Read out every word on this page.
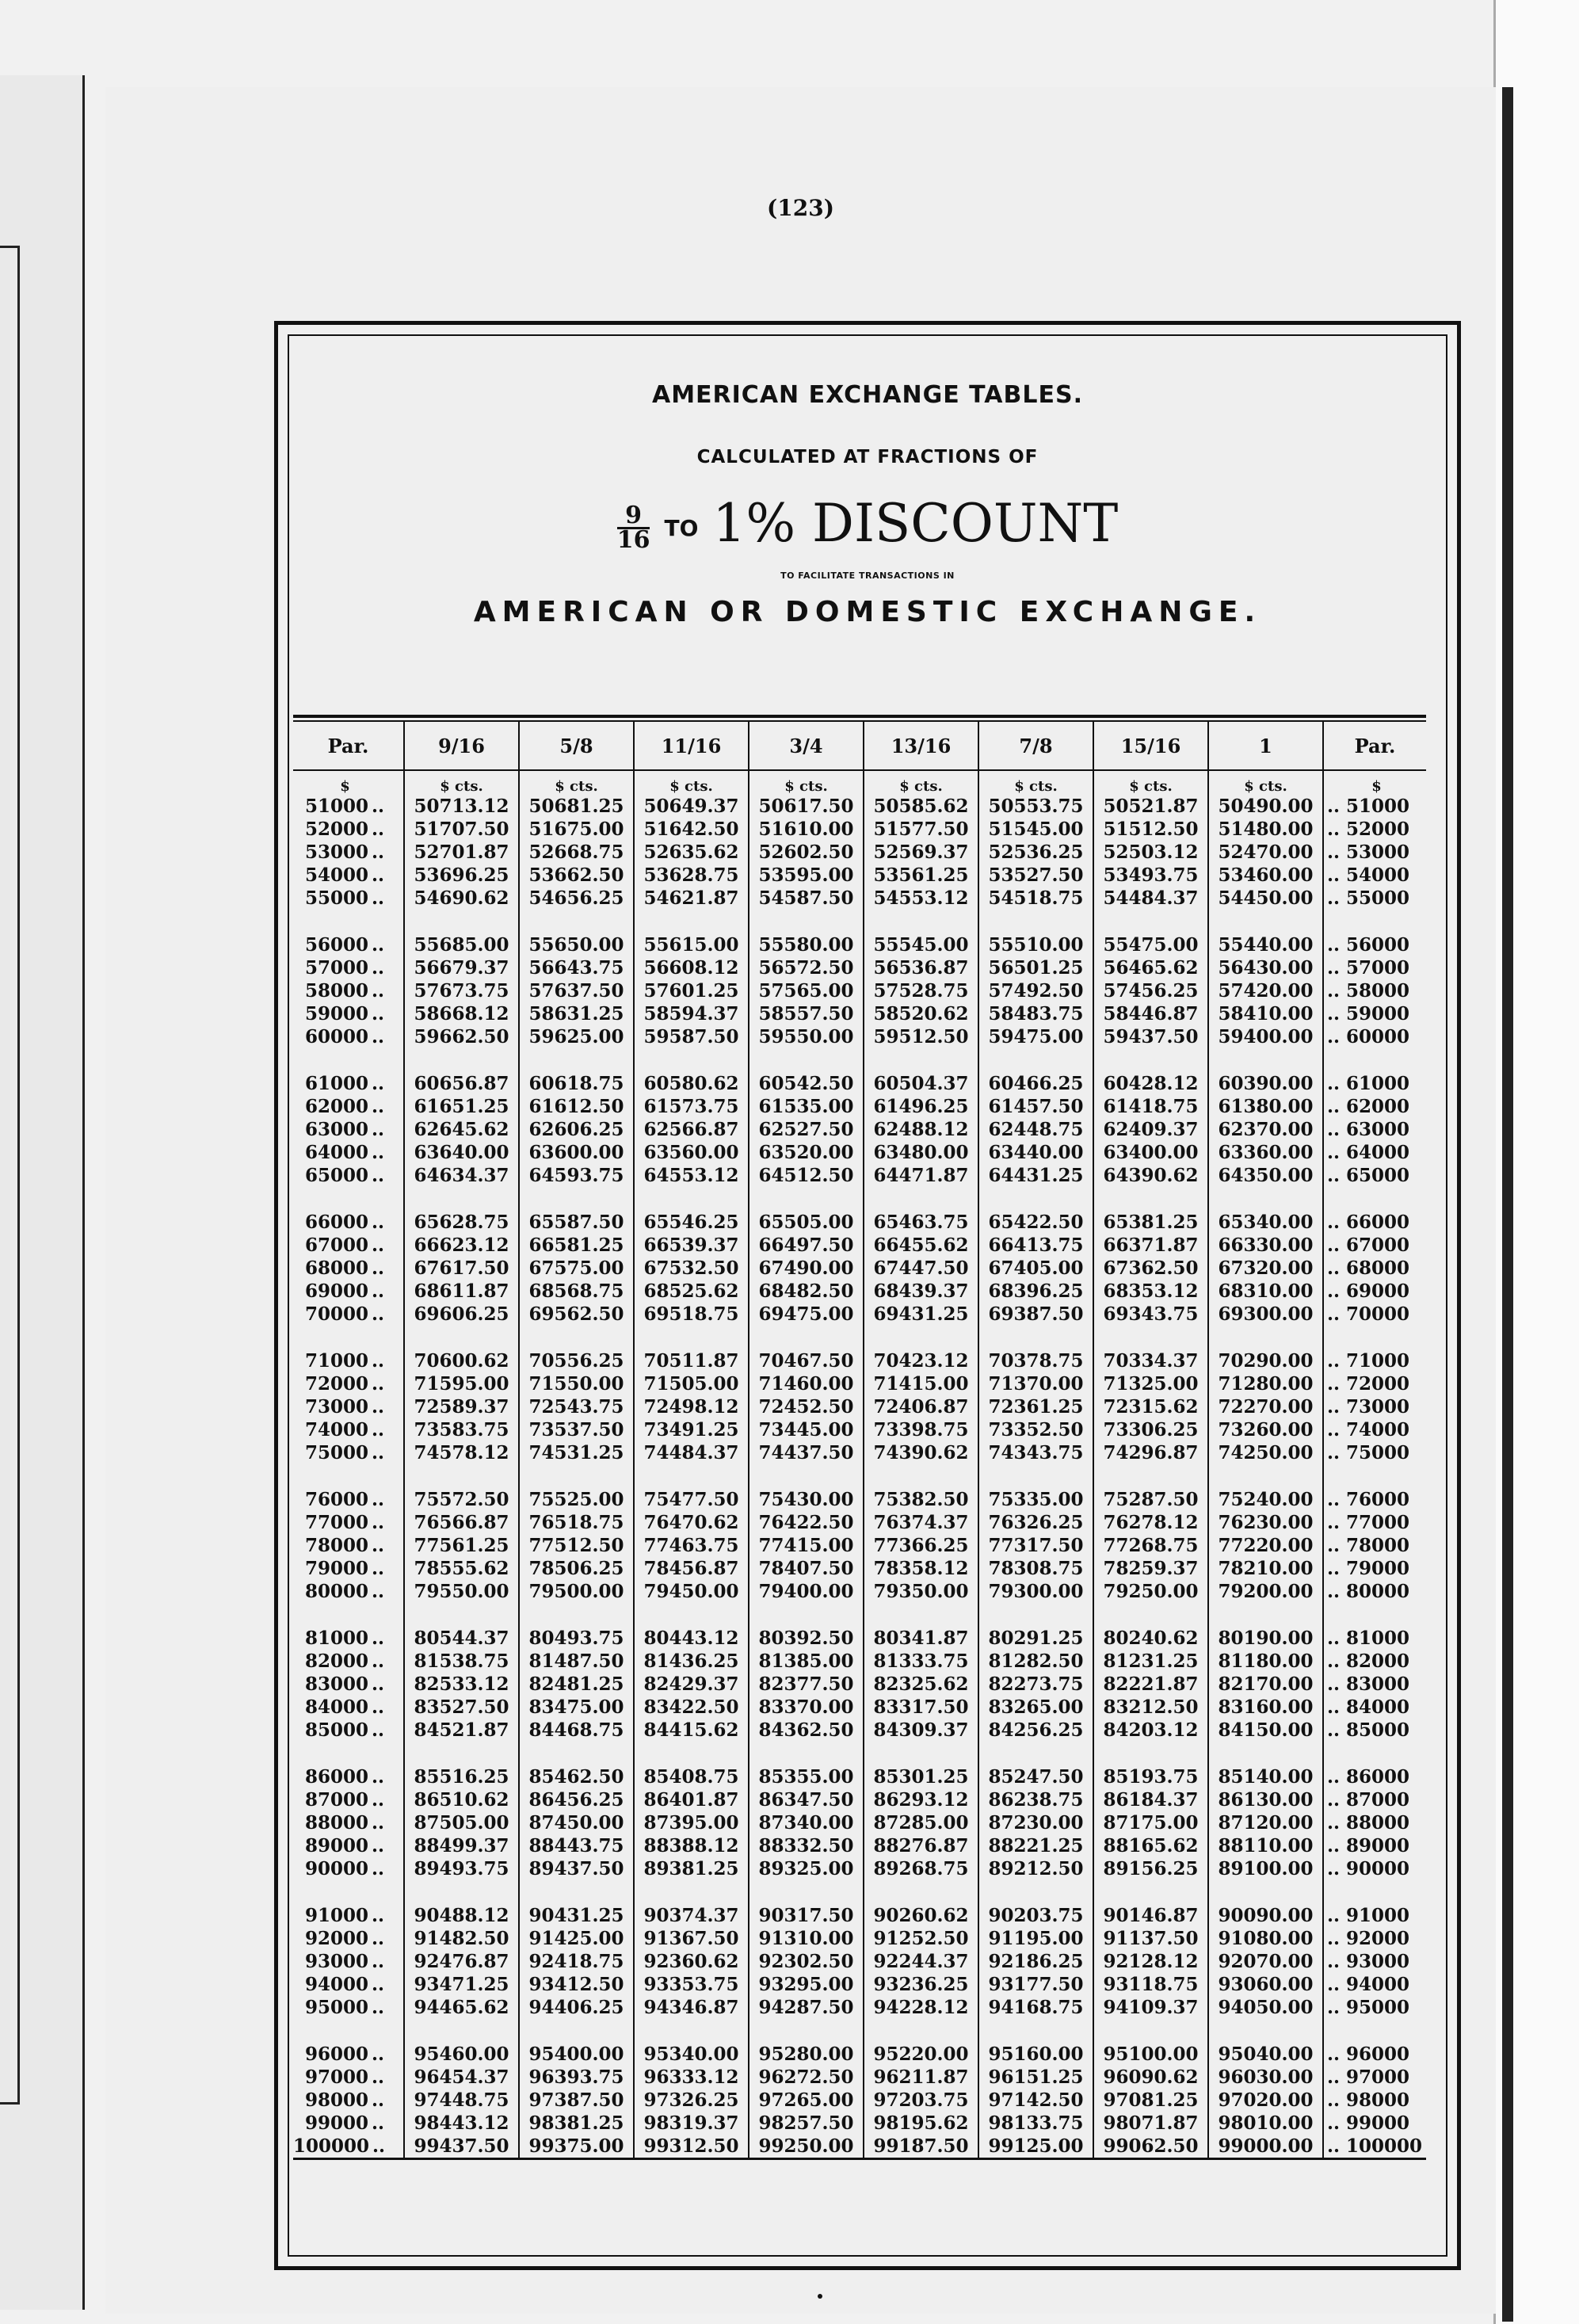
(123)
AMERICAN EXCHANGE TABLES.
CALCULATED AT FRACTIONS OF
$\frac{9}{16}$ TO 1% DISCOUNT
TO FACILITATE TRANSACTIONS IN
AMERICAN OR DOMESTIC EXCHANGE.
Par.	9/16	5/8	11/16	3/4	13/16	7/8	15/16	1	Par.
$	$ cts.	$ cts.	$ cts.	$ cts.	$ cts.	$ cts.	$ cts.	$ cts.	$
51000 ..	50713.12	50681.25	50649.37	50617.50	50585.62	50553.75	50521.87	50490.00	.. 51000
52000 ..	51707.50	51675.00	51642.50	51610.00	51577.50	51545.00	51512.50	51480.00	.. 52000
53000 ..	52701.87	52668.75	52635.62	52602.50	52569.37	52536.25	52503.12	52470.00	.. 53000
54000 ..	53696.25	53662.50	53628.75	53595.00	53561.25	53527.50	53493.75	53460.00	.. 54000
55000 ..	54690.62	54656.25	54621.87	54587.50	54553.12	54518.75	54484.37	54450.00	.. 55000

56000 ..	55685.00	55650.00	55615.00	55580.00	55545.00	55510.00	55475.00	55440.00	.. 56000
57000 ..	56679.37	56643.75	56608.12	56572.50	56536.87	56501.25	56465.62	56430.00	.. 57000
58000 ..	57673.75	57637.50	57601.25	57565.00	57528.75	57492.50	57456.25	57420.00	.. 58000
59000 ..	58668.12	58631.25	58594.37	58557.50	58520.62	58483.75	58446.87	58410.00	.. 59000
60000 ..	59662.50	59625.00	59587.50	59550.00	59512.50	59475.00	59437.50	59400.00	.. 60000

61000 ..	60656.87	60618.75	60580.62	60542.50	60504.37	60466.25	60428.12	60390.00	.. 61000
62000 ..	61651.25	61612.50	61573.75	61535.00	61496.25	61457.50	61418.75	61380.00	.. 62000
63000 ..	62645.62	62606.25	62566.87	62527.50	62488.12	62448.75	62409.37	62370.00	.. 63000
64000 ..	63640.00	63600.00	63560.00	63520.00	63480.00	63440.00	63400.00	63360.00	.. 64000
65000 ..	64634.37	64593.75	64553.12	64512.50	64471.87	64431.25	64390.62	64350.00	.. 65000

66000 ..	65628.75	65587.50	65546.25	65505.00	65463.75	65422.50	65381.25	65340.00	.. 66000
67000 ..	66623.12	66581.25	66539.37	66497.50	66455.62	66413.75	66371.87	66330.00	.. 67000
68000 ..	67617.50	67575.00	67532.50	67490.00	67447.50	67405.00	67362.50	67320.00	.. 68000
69000 ..	68611.87	68568.75	68525.62	68482.50	68439.37	68396.25	68353.12	68310.00	.. 69000
70000 ..	69606.25	69562.50	69518.75	69475.00	69431.25	69387.50	69343.75	69300.00	.. 70000

71000 ..	70600.62	70556.25	70511.87	70467.50	70423.12	70378.75	70334.37	70290.00	.. 71000
72000 ..	71595.00	71550.00	71505.00	71460.00	71415.00	71370.00	71325.00	71280.00	.. 72000
73000 ..	72589.37	72543.75	72498.12	72452.50	72406.87	72361.25	72315.62	72270.00	.. 73000
74000 ..	73583.75	73537.50	73491.25	73445.00	73398.75	73352.50	73306.25	73260.00	.. 74000
75000 ..	74578.12	74531.25	74484.37	74437.50	74390.62	74343.75	74296.87	74250.00	.. 75000

76000 ..	75572.50	75525.00	75477.50	75430.00	75382.50	75335.00	75287.50	75240.00	.. 76000
77000 ..	76566.87	76518.75	76470.62	76422.50	76374.37	76326.25	76278.12	76230.00	.. 77000
78000 ..	77561.25	77512.50	77463.75	77415.00	77366.25	77317.50	77268.75	77220.00	.. 78000
79000 ..	78555.62	78506.25	78456.87	78407.50	78358.12	78308.75	78259.37	78210.00	.. 79000
80000 ..	79550.00	79500.00	79450.00	79400.00	79350.00	79300.00	79250.00	79200.00	.. 80000

81000 ..	80544.37	80493.75	80443.12	80392.50	80341.87	80291.25	80240.62	80190.00	.. 81000
82000 ..	81538.75	81487.50	81436.25	81385.00	81333.75	81282.50	81231.25	81180.00	.. 82000
83000 ..	82533.12	82481.25	82429.37	82377.50	82325.62	82273.75	82221.87	82170.00	.. 83000
84000 ..	83527.50	83475.00	83422.50	83370.00	83317.50	83265.00	83212.50	83160.00	.. 84000
85000 ..	84521.87	84468.75	84415.62	84362.50	84309.37	84256.25	84203.12	84150.00	.. 85000

86000 ..	85516.25	85462.50	85408.75	85355.00	85301.25	85247.50	85193.75	85140.00	.. 86000
87000 ..	86510.62	86456.25	86401.87	86347.50	86293.12	86238.75	86184.37	86130.00	.. 87000
88000 ..	87505.00	87450.00	87395.00	87340.00	87285.00	87230.00	87175.00	87120.00	.. 88000
89000 ..	88499.37	88443.75	88388.12	88332.50	88276.87	88221.25	88165.62	88110.00	.. 89000
90000 ..	89493.75	89437.50	89381.25	89325.00	89268.75	89212.50	89156.25	89100.00	.. 90000

91000 ..	90488.12	90431.25	90374.37	90317.50	90260.62	90203.75	90146.87	90090.00	.. 91000
92000 ..	91482.50	91425.00	91367.50	91310.00	91252.50	91195.00	91137.50	91080.00	.. 92000
93000 ..	92476.87	92418.75	92360.62	92302.50	92244.37	92186.25	92128.12	92070.00	.. 93000
94000 ..	93471.25	93412.50	93353.75	93295.00	93236.25	93177.50	93118.75	93060.00	.. 94000
95000 ..	94465.62	94406.25	94346.87	94287.50	94228.12	94168.75	94109.37	94050.00	.. 95000

96000 ..	95460.00	95400.00	95340.00	95280.00	95220.00	95160.00	95100.00	95040.00	.. 96000
97000 ..	96454.37	96393.75	96333.12	96272.50	96211.87	96151.25	96090.62	96030.00	.. 97000
98000 ..	97448.75	97387.50	97326.25	97265.00	97203.75	97142.50	97081.25	97020.00	.. 98000
99000 ..	98443.12	98381.25	98319.37	98257.50	98195.62	98133.75	98071.87	98010.00	.. 99000
100000 ..	99437.50	99375.00	99312.50	99250.00	99187.50	99125.00	99062.50	99000.00	.. 100000
